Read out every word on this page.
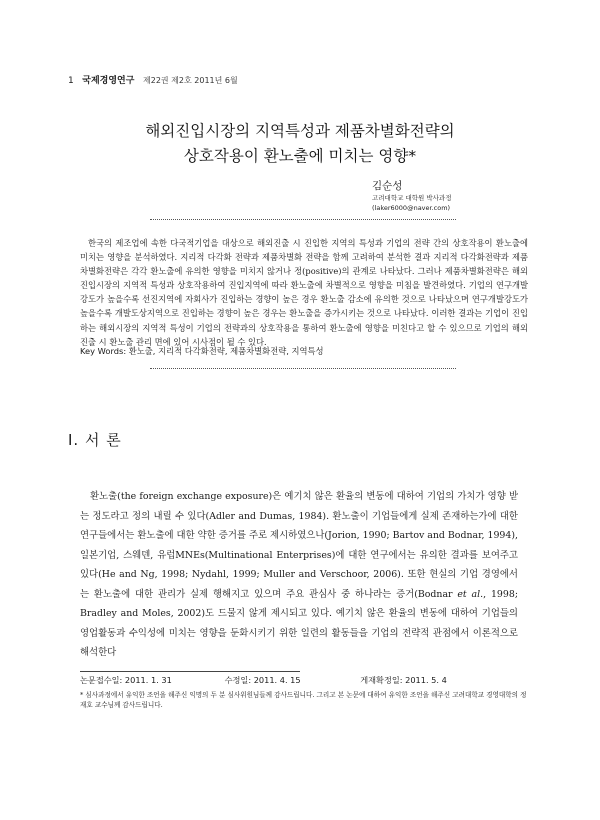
1 국제경영연구 제22권 제2호 2011년 6월
해외진입시장의 지역특성과 제품차별화전략의
상호작용이 환노출에 미치는 영향*
김순성
고려대학교 대학원 박사과정
(laker6000@naver.com)
한국의 제조업에 속한 다국적기업을 대상으로 해외진출 시 진입한 지역의 특성과 기업의 전략 간의 상호작용이 환노출에 미치는 영향을 분석하였다. 지리적 다각화 전략과 제품차별화 전략을 함께 고려하여 분석한 결과 지리적 다각화전략과 제품차별화전략은 각각 환노출에 유의한 영향을 미치지 않거나 정(positive)의 관계로 나타났다. 그러나 제품차별화전략은 해외진입시장의 지역적 특성과 상호작용하여 진입지역에 따라 환노출에 차별적으로 영향을 미침을 발견하였다. 기업의 연구개발강도가 높을수록 선진지역에 자회사가 진입하는 경향이 높은 경우 환노출 감소에 유의한 것으로 나타났으며 연구개발강도가 높을수록 개발도상지역으로 진입하는 경향이 높은 경우는 환노출을 증가시키는 것으로 나타났다. 이러한 결과는 기업이 진입하는 해외시장의 지역적 특성이 기업의 전략과의 상호작용을 통하여 환노출에 영향을 미친다고 할 수 있으므로 기업의 해외진출 시 환노출 관리 면에 있어 시사점이 될 수 있다.
Key Words: 환노출, 지리적 다각화전략, 제품차별화전략, 지역특성
Ⅰ. 서 론
환노출(the foreign exchange exposure)은 예기치 않은 환율의 변동에 대하여 기업의 가치가 영향 받는 정도라고 정의 내릴 수 있다(Adler and Dumas, 1984). 환노출이 기업들에게 실제 존재하는가에 대한 연구들에서는 환노출에 대한 약한 증거를 주로 제시하였으나(Jorion, 1990; Bartov and Bodnar, 1994), 일본기업, 스웨덴, 유럽MNEs(Multinational Enterprises)에 대한 연구에서는 유의한 결과를 보여주고 있다(He and Ng, 1998; Nydahl, 1999; Muller and Verschoor, 2006). 또한 현실의 기업 경영에서는 환노출에 대한 관리가 실제 행해지고 있으며 주요 관심사 중 하나라는 증거(Bodnar et al., 1998; Bradley and Moles, 2002)도 드물지 않게 제시되고 있다. 예기치 않은 환율의 변동에 대하여 기업들의 영업활동과 수익성에 미치는 영향을 둔화시키기 위한 일련의 활동들을 기업의 전략적 관점에서 이론적으로 해석한다
논문접수일: 2011. 1. 31	수정일: 2011. 4. 15	게재확정일: 2011. 5. 4
* 심사과정에서 유익한 조언을 해주신 익명의 두 분 심사위원님들께 감사드립니다. 그리고 본 논문에 대하여 유익한 조언을 해주신 고려대학교 경영대학의 정재호 교수님께 감사드립니다.
